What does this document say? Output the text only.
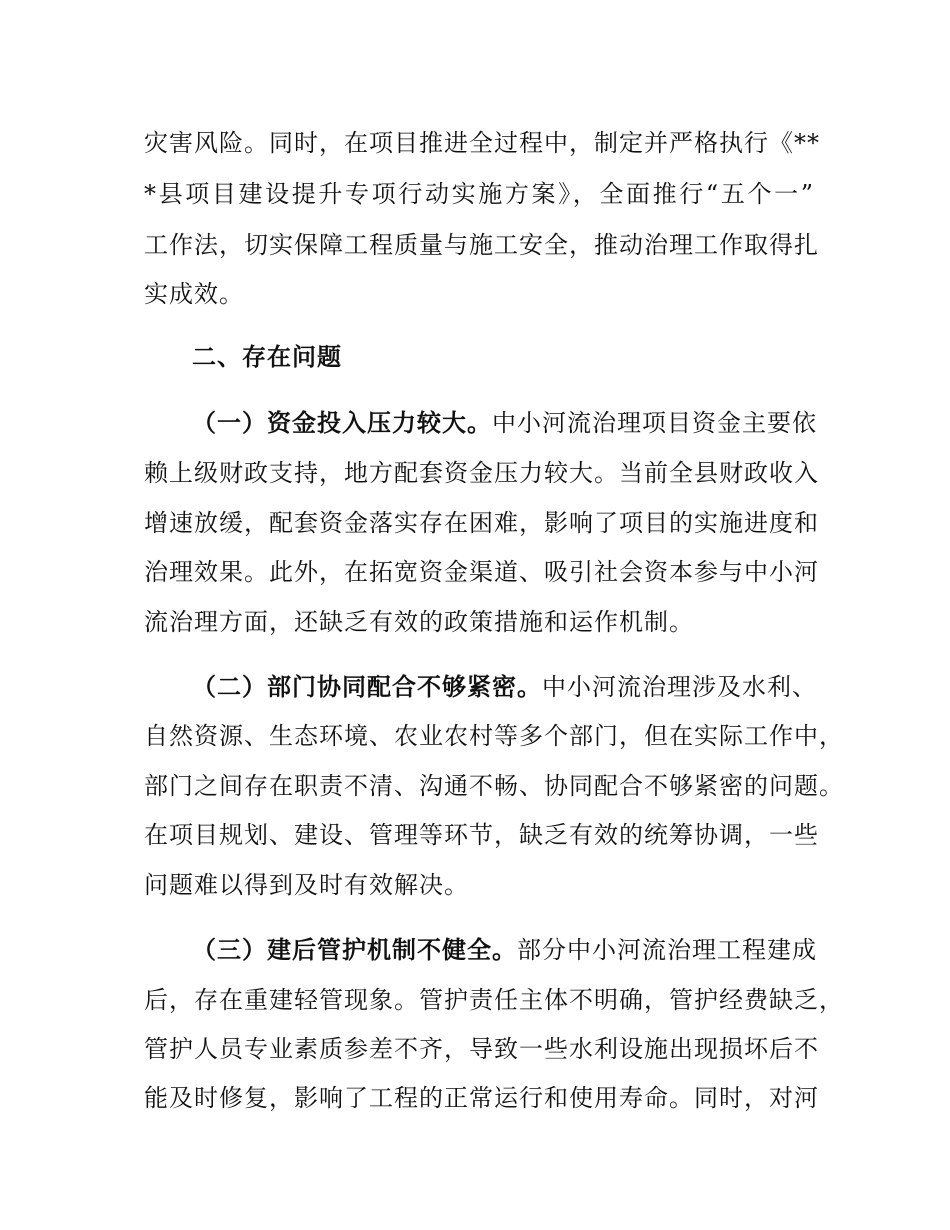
灾害风险。同时，在项目推进全过程中，制定并严格执行《**
*县项目建设提升专项行动实施方案》，全面推行“五个一”
工作法，切实保障工程质量与施工安全，推动治理工作取得扎
实成效。
二、存在问题
（一）资金投入压力较大。中小河流治理项目资金主要依
赖上级财政支持，地方配套资金压力较大。当前全县财政收入
增速放缓，配套资金落实存在困难，影响了项目的实施进度和
治理效果。此外，在拓宽资金渠道、吸引社会资本参与中小河
流治理方面，还缺乏有效的政策措施和运作机制。
（二）部门协同配合不够紧密。中小河流治理涉及水利、
自然资源、生态环境、农业农村等多个部门，但在实际工作中，
部门之间存在职责不清、沟通不畅、协同配合不够紧密的问题。
在项目规划、建设、管理等环节，缺乏有效的统筹协调，一些
问题难以得到及时有效解决。
（三）建后管护机制不健全。部分中小河流治理工程建成
后，存在重建轻管现象。管护责任主体不明确，管护经费缺乏，
管护人员专业素质参差不齐，导致一些水利设施出现损坏后不
能及时修复，影响了工程的正常运行和使用寿命。同时，对河
